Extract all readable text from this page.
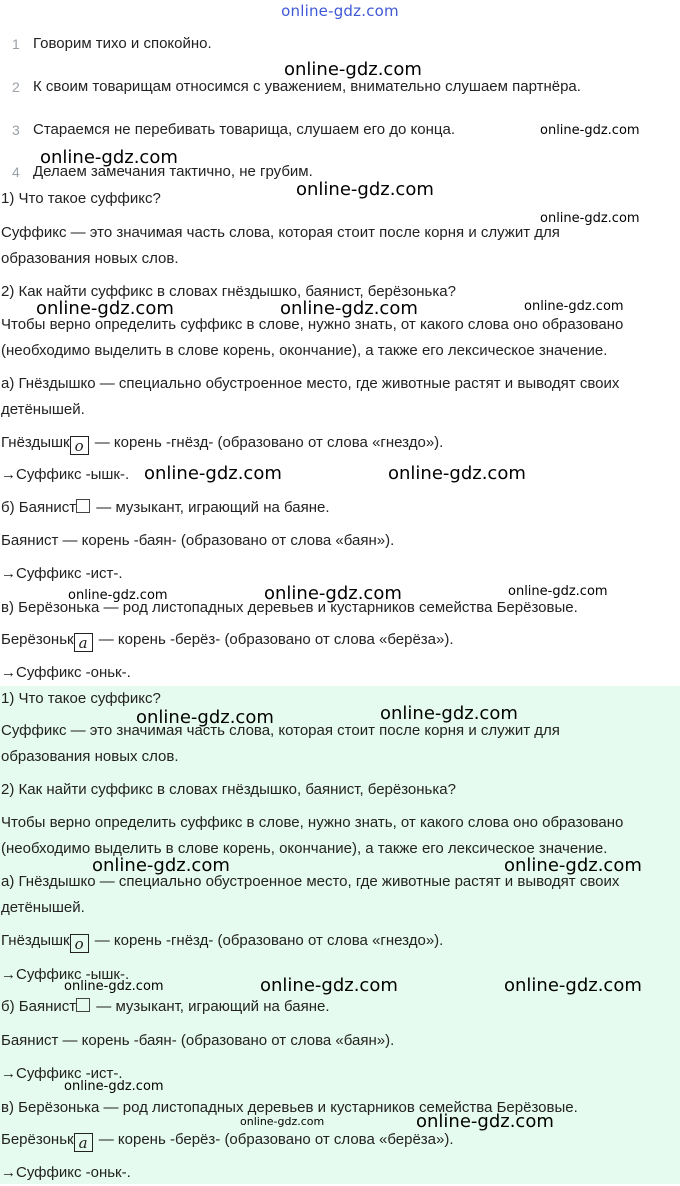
online-gdz.com
1 Говорим тихо и спокойно.
2 К своим товарищам относимся с уважением, внимательно слушаем партнёра.
3 Стараемся не перебивать товарища, слушаем его до конца.
4 Делаем замечания тактично, не грубим.
1) Что такое суффикс?
Суффикс — это значимая часть слова, которая стоит после корня и служит для
образования новых слов.
2) Как найти суффикс в словах гнёздышко, баянист, берёзонька?
Чтобы верно определить суффикс в слове, нужно знать, от какого слова оно образовано
(необходимо выделить в слове корень, окончание), а также его лексическое значение.
а) Гнёздышко — специально обустроенное место, где животные растят и выводят своих
детёнышей.
Гнёздышк о — корень -гнёзд- (образовано от слова «гнездо»).
→Суффикс -ышк-.
б) Баянист — музыкант, играющий на баяне.
Баянист — корень -баян- (образовано от слова «баян»).
→Суффикс -ист-.
в) Берёзонька — род листопадных деревьев и кустарников семейства Берёзовые.
Берёзоньк а — корень -берёз- (образовано от слова «берёза»).
→Суффикс -оньк-.
1) Что такое суффикс?
Суффикс — это значимая часть слова, которая стоит после корня и служит для
образования новых слов.
2) Как найти суффикс в словах гнёздышко, баянист, берёзонька?
Чтобы верно определить суффикс в слове, нужно знать, от какого слова оно образовано
(необходимо выделить в слове корень, окончание), а также его лексическое значение.
а) Гнёздышко — специально обустроенное место, где животные растят и выводят своих
детёнышей.
Гнёздышк о — корень -гнёзд- (образовано от слова «гнездо»).
→Суффикс -ышк-.
б) Баянист — музыкант, играющий на баяне.
Баянист — корень -баян- (образовано от слова «баян»).
→Суффикс -ист-.
в) Берёзонька — род листопадных деревьев и кустарников семейства Берёзовые.
Берёзоньк а — корень -берёз- (образовано от слова «берёза»).
→Суффикс -оньк-.
online-gdz.com
online-gdz.com
online-gdz.com
online-gdz.com
online-gdz.com
online-gdz.com	online-gdz.com	online-gdz.com
online-gdz.com	online-gdz.com
online-gdz.com	online-gdz.com	online-gdz.com
online-gdz.com	online-gdz.com
online-gdz.com	online-gdz.com
online-gdz.com	online-gdz.com	online-gdz.com
online-gdz.com
online-gdz.com	online-gdz.com
